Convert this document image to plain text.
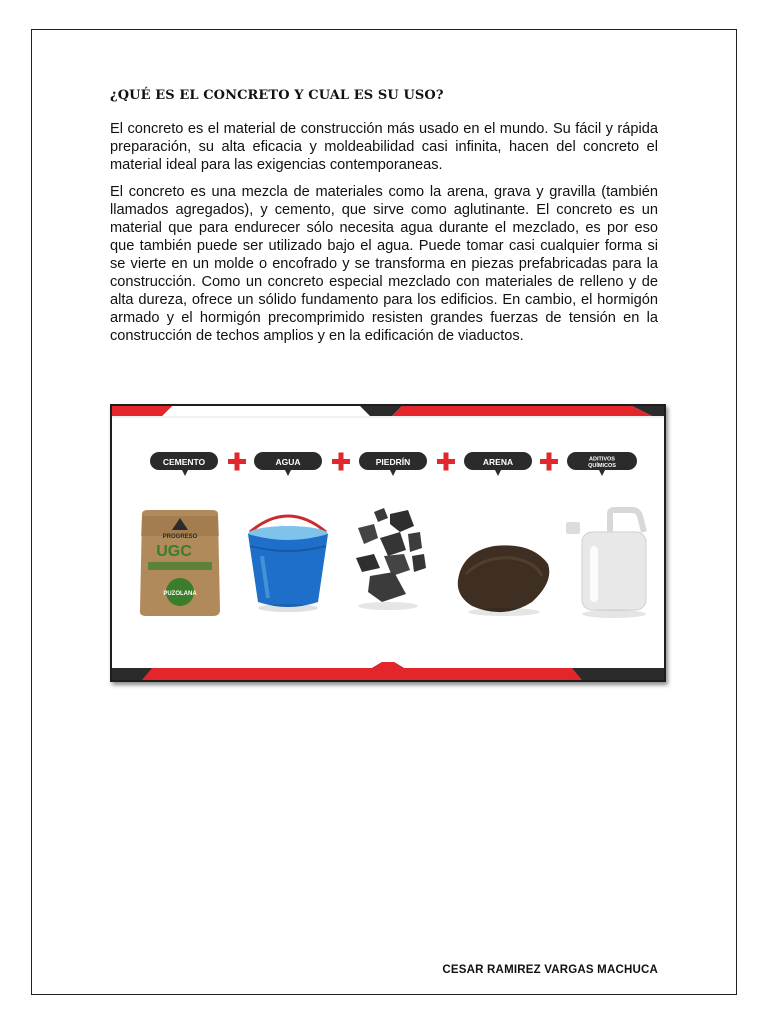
¿QUÉ ES EL CONCRETO Y CUAL ES SU USO?

El concreto es el material de construcción más usado en el mundo. Su fácil y rápida preparación, su alta eficacia y moldeabilidad casi infinita, hacen del concreto el material ideal para las exigencias contemporaneas.

El concreto es una mezcla de materiales como la arena, grava y gravilla (también llamados agregados), y cemento, que sirve como aglutinante. El concreto es un material que para endurecer sólo necesita agua durante el mezclado, es por eso que también puede ser utilizado bajo el agua. Puede tomar casi cualquier forma si se vierte en un molde o encofrado y se transforma en piezas prefabricadas para la construcción. Como un concreto especial mezclado con materiales de relleno y de alta dureza, ofrece un sólido fundamento para los edificios. En cambio, el hormigón armado y el hormigón precomprimido resisten grandes fuerzas de tensión en la construcción de techos amplios y en la edificación de viaductos.

CEMENTO	AGUA	PIEDRÍN	ARENA	ADITIVOS
QUÍMICOS
PROGRESO
UGC
PUZOLANA
CESAR RAMIREZ VARGAS MACHUCA
